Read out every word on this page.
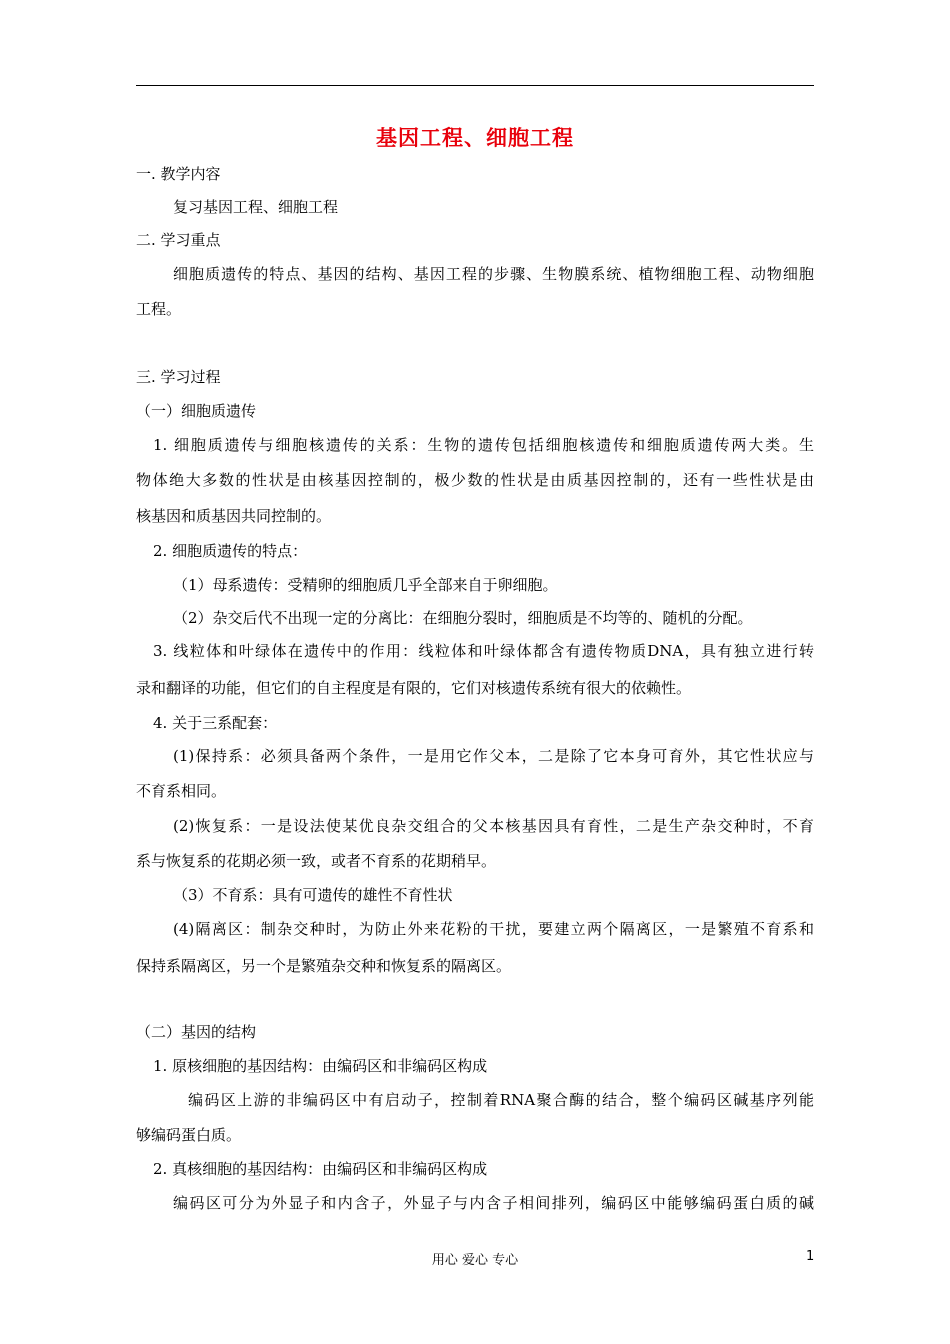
基因工程、细胞工程
一. 教学内容
复习基因工程、细胞工程
二. 学习重点
细胞质遗传的特点、基因的结构、基因工程的步骤、生物膜系统、植物细胞工程、动物细胞
工程。
三. 学习过程
（一）细胞质遗传
1. 细胞质遗传与细胞核遗传的关系：生物的遗传包括细胞核遗传和细胞质遗传两大类。生
物体绝大多数的性状是由核基因控制的，极少数的性状是由质基因控制的，还有一些性状是由
核基因和质基因共同控制的。
2. 细胞质遗传的特点：
（1）母系遗传：受精卵的细胞质几乎全部来自于卵细胞。
（2）杂交后代不出现一定的分离比：在细胞分裂时，细胞质是不均等的、随机的分配。
3. 线粒体和叶绿体在遗传中的作用：线粒体和叶绿体都含有遗传物质DNA，具有独立进行转
录和翻译的功能，但它们的自主程度是有限的，它们对核遗传系统有很大的依赖性。
4. 关于三系配套：
(1)保持系：必须具备两个条件，一是用它作父本，二是除了它本身可育外，其它性状应与
不育系相同。
(2)恢复系：一是设法使某优良杂交组合的父本核基因具有育性，二是生产杂交种时，不育
系与恢复系的花期必须一致，或者不育系的花期稍早。
（3）不育系：具有可遗传的雄性不育性状
(4)隔离区：制杂交种时，为防止外来花粉的干扰，要建立两个隔离区，一是繁殖不育系和
保持系隔离区，另一个是繁殖杂交种和恢复系的隔离区。
（二）基因的结构
1. 原核细胞的基因结构：由编码区和非编码区构成
编码区上游的非编码区中有启动子，控制着RNA聚合酶的结合，整个编码区碱基序列能
够编码蛋白质。
2. 真核细胞的基因结构：由编码区和非编码区构成
编码区可分为外显子和内含子，外显子与内含子相间排列，编码区中能够编码蛋白质的碱
用心 爱心 专心	1
